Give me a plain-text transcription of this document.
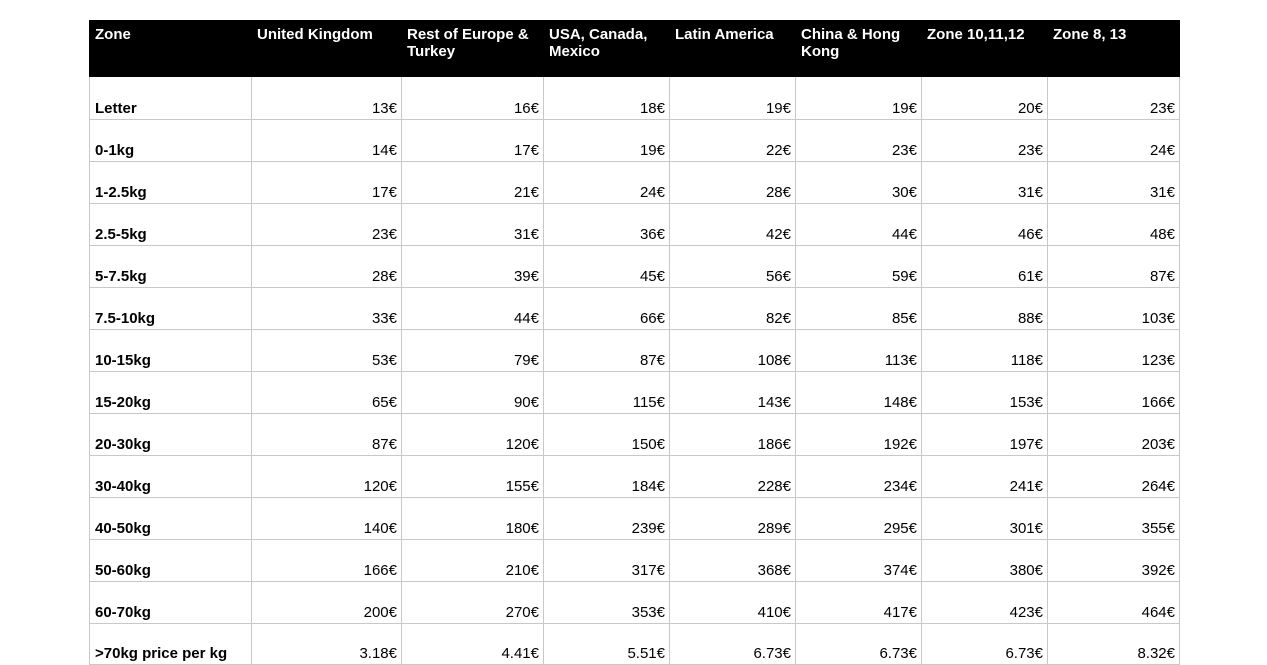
Zone	United Kingdom	Rest of Europe & Turkey	USA, Canada, Mexico	Latin America	China & Hong Kong	Zone 10,11,12	Zone 8, 13
Letter	13€	16€	18€	19€	19€	20€	23€
0-1kg	14€	17€	19€	22€	23€	23€	24€
1-2.5kg	17€	21€	24€	28€	30€	31€	31€
2.5-5kg	23€	31€	36€	42€	44€	46€	48€
5-7.5kg	28€	39€	45€	56€	59€	61€	87€
7.5-10kg	33€	44€	66€	82€	85€	88€	103€
10-15kg	53€	79€	87€	108€	113€	118€	123€
15-20kg	65€	90€	115€	143€	148€	153€	166€
20-30kg	87€	120€	150€	186€	192€	197€	203€
30-40kg	120€	155€	184€	228€	234€	241€	264€
40-50kg	140€	180€	239€	289€	295€	301€	355€
50-60kg	166€	210€	317€	368€	374€	380€	392€
60-70kg	200€	270€	353€	410€	417€	423€	464€
>70kg price per kg	3.18€	4.41€	5.51€	6.73€	6.73€	6.73€	8.32€
